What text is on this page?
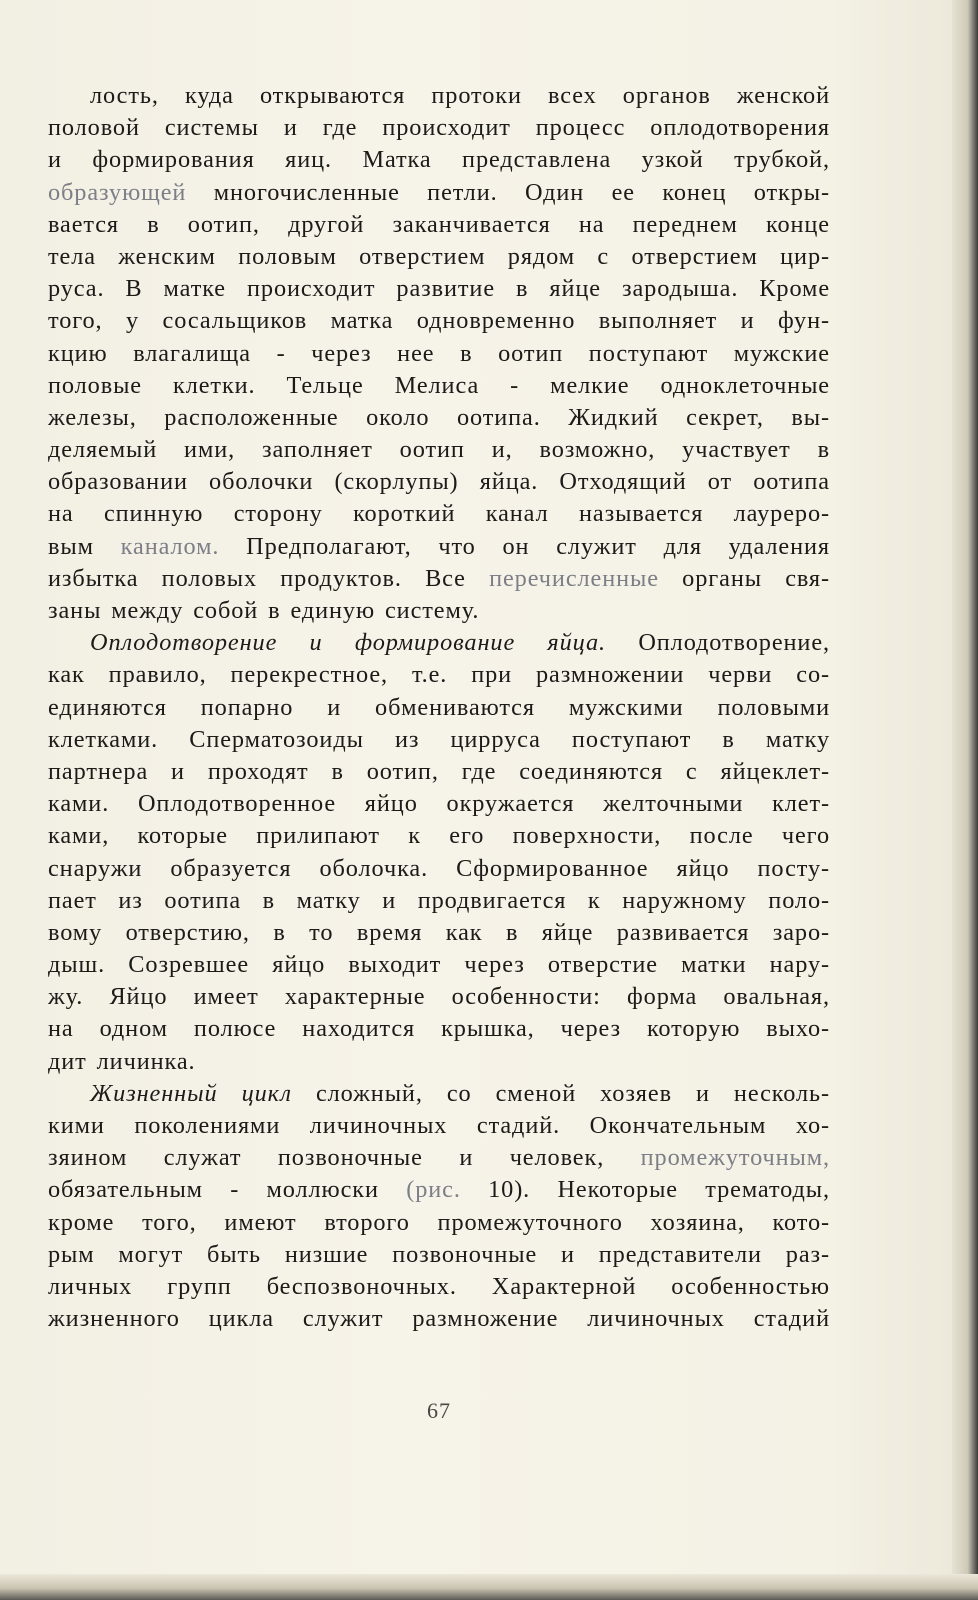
лость, куда открываются протоки всех органов женской
половой системы и где происходит процесс оплодотворения
и формирования яиц. Матка представлена узкой трубкой,
образующей многочисленные петли. Один ее конец откры-
вается в оотип, другой заканчивается на переднем конце
тела женским половым отверстием рядом с отверстием цир-
руса. В матке происходит развитие в яйце зародыша. Кроме
того, у сосальщиков матка одновременно выполняет и фун-
кцию влагалища - через нее в оотип поступают мужские
половые клетки. Тельце Мелиса - мелкие одноклеточные
железы, расположенные около оотипа. Жидкий секрет, вы-
деляемый ими, заполняет оотип и, возможно, участвует в
образовании оболочки (скорлупы) яйца. Отходящий от оотипа
на спинную сторону короткий канал называется лауреро-
вым каналом. Предполагают, что он служит для удаления
избытка половых продуктов. Все перечисленные органы свя-
заны между собой в единую систему.
Оплодотворение и формирование яйца. Оплодотворение,
как правило, перекрестное, т.е. при размножении черви со-
единяются попарно и обмениваются мужскими половыми
клетками. Сперматозоиды из цирруса поступают в матку
партнера и проходят в оотип, где соединяются с яйцеклет-
ками. Оплодотворенное яйцо окружается желточными клет-
ками, которые прилипают к его поверхности, после чего
снаружи образуется оболочка. Сформированное яйцо посту-
пает из оотипа в матку и продвигается к наружному поло-
вому отверстию, в то время как в яйце развивается заро-
дыш. Созревшее яйцо выходит через отверстие матки нару-
жу. Яйцо имеет характерные особенности: форма овальная,
на одном полюсе находится крышка, через которую выхо-
дит личинка.
Жизненный цикл сложный, со сменой хозяев и несколь-
кими поколениями личиночных стадий. Окончательным хо-
зяином служат позвоночные и человек, промежуточным,
обязательным - моллюски (рис. 10). Некоторые трематоды,
кроме того, имеют второго промежуточного хозяина, кото-
рым могут быть низшие позвоночные и представители раз-
личных групп беспозвоночных. Характерной особенностью
жизненного цикла служит размножение личиночных стадий
67
